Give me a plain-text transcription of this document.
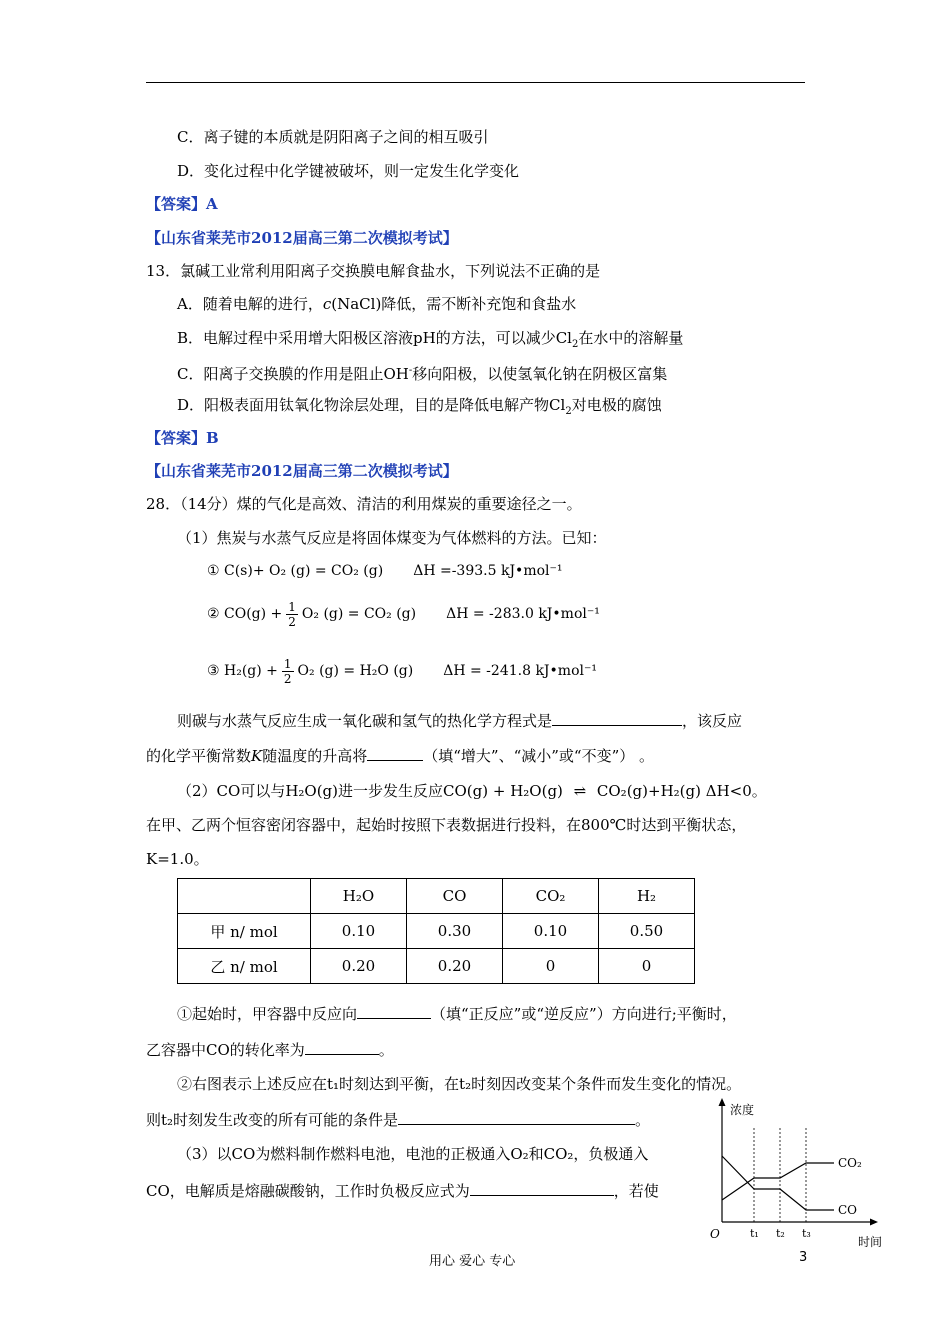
C．离子键的本质就是阴阳离子之间的相互吸引
D．变化过程中化学键被破坏，则一定发生化学变化
【答案】A
【山东省莱芜市2012届高三第二次模拟考试】
13．氯碱工业常利用阳离子交换膜电解食盐水，下列说法不正确的是
A．随着电解的进行，c(NaCl)降低，需不断补充饱和食盐水
B．电解过程中采用增大阳极区溶液pH的方法，可以减少$Cl_2$在水中的溶解量
C．阳离子交换膜的作用是阻止OH-移向阳极，以使氢氧化钠在阴极区富集
D．阳极表面用钛氧化物涂层处理，目的是降低电解产物$Cl_2$对电极的腐蚀
【答案】B
【山东省莱芜市2012届高三第二次模拟考试】
28．（14分）煤的气化是高效、清洁的利用煤炭的重要途径之一。
（1）焦炭与水蒸气反应是将固体煤变为气体燃料的方法。已知：
① C(s)+ O₂ (g) = CO₂ (g) ΔH =-393.5 kJ•mol⁻¹
② $CO(g) + \frac{1}{2} O_2$ (g) = CO₂ (g) ΔH = -283.0 kJ•mol⁻¹
③ $H_2(g) + \frac{1}{2} O_2$ (g) = H₂O (g) ΔH = -241.8 kJ•mol⁻¹
则碳与水蒸气反应生成一氧化碳和氢气的热化学方程式是	，该反应
的化学平衡常数K随温度的升高将	（填“增大”、“减小”或“不变”） 。
（2）CO可以与H₂O(g)进一步发生反应CO(g) + H₂O(g) ⇌ CO₂(g)+H₂(g) ΔH<0。
在甲、乙两个恒容密闭容器中，起始时按照下表数据进行投料，在800℃时达到平衡状态，
K=1.0。
	H₂O	CO	CO₂	H₂
甲 n/ mol	0.10	0.30	0.10	0.50
乙 n/ mol	0.20	0.20	0	0
①起始时，甲容器中反应向	（填“正反应”或“逆反应”）方向进行;平衡时，
乙容器中CO的转化率为	。
②右图表示上述反应在t₁时刻达到平衡，在t₂时刻因改变某个条件而发生变化的情况。
则t₂时刻发生改变的所有可能的条件是	。
（3）以CO为燃料制作燃料电池，电池的正极通入O₂和CO₂，负极通入
CO，电解质是熔融碳酸钠，工作时负极反应式为	，若使
浓度
O	t₁ t₂ t₃
时间
CO₂
CO
用心 爱心 专心	3
